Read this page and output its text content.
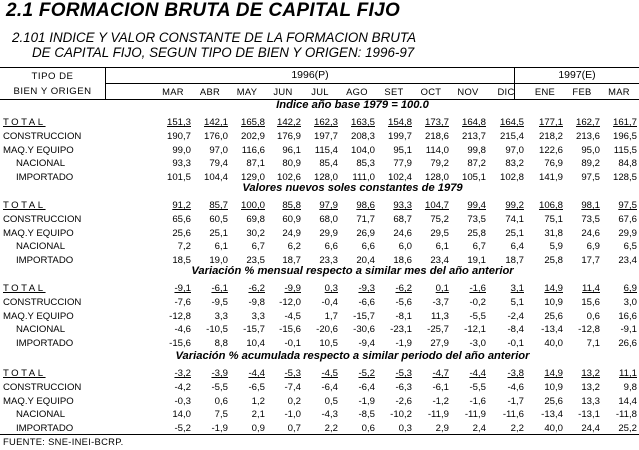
2.1 FORMACION BRUTA DE CAPITAL FIJO
2.101 INDICE Y VALOR CONSTANTE DE LA FORMACION BRUTA
DE CAPITAL FIJO, SEGUN TIPO DE BIEN Y ORIGEN: 1996-97
TIPO DE
BIEN Y ORIGEN
1996(P)	1997(E)
MAR	ABR	MAY	JUN	JUL	AGO	SET	OCT	NOV	DIC	ENE	FEB	MAR
Indice año base 1979 = 100.0
TOTAL	151,3	142,1	165,8	142,2	162,3	163,5	154,8	173,7	164,8	164,5	177,1	162,7	161,7
CONSTRUCCION	190,7	176,0	202,9	176,9	197,7	208,3	199,7	218,6	213,7	215,4	218,2	213,6	196,5
MAQ.Y EQUIPO	99,0	97,0	116,6	96,1	115,4	104,0	95,1	114,0	99,8	97,0	122,6	95,0	115,5
NACIONAL	93,3	79,4	87,1	80,9	85,4	85,3	77,9	79,2	87,2	83,2	76,9	89,2	84,8
IMPORTADO	101,5	104,4	129,0	102,6	128,0	111,0	102,4	128,0	105,1	102,8	141,9	97,5	128,5
Valores nuevos soles constantes de 1979
TOTAL	91,2	85,7	100,0	85,8	97,9	98,6	93,3	104,7	99,4	99,2	106,8	98,1	97,5
CONSTRUCCION	65,6	60,5	69,8	60,9	68,0	71,7	68,7	75,2	73,5	74,1	75,1	73,5	67,6
MAQ.Y EQUIPO	25,6	25,1	30,2	24,9	29,9	26,9	24,6	29,5	25,8	25,1	31,8	24,6	29,9
NACIONAL	7,2	6,1	6,7	6,2	6,6	6,6	6,0	6,1	6,7	6,4	5,9	6,9	6,5
IMPORTADO	18,5	19,0	23,5	18,7	23,3	20,4	18,6	23,4	19,1	18,7	25,8	17,7	23,4
Variación % mensual respecto a similar mes del año anterior
TOTAL	-9,1	-6,1	-6,2	-9,9	0,3	-9,3	-6,2	0,1	-1,6	3,1	14,9	11,4	6,9
CONSTRUCCION	-7,6	-9,5	-9,8	-12,0	-0,4	-6,6	-5,6	-3,7	-0,2	5,1	10,9	15,6	3,0
MAQ.Y EQUIPO	-12,8	3,3	3,3	-4,5	1,7	-15,7	-8,1	11,3	-5,5	-2,4	25,6	0,6	16,6
NACIONAL	-4,6	-10,5	-15,7	-15,6	-20,6	-30,6	-23,1	-25,7	-12,1	-8,4	-13,4	-12,8	-9,1
IMPORTADO	-15,6	8,8	10,4	-0,1	10,5	-9,4	-1,9	27,9	-3,0	-0,1	40,0	7,1	26,6
Variación % acumulada respecto a similar periodo del año anterior
TOTAL	-3,2	-3,9	-4,4	-5,3	-4,5	-5,2	-5,3	-4,7	-4,4	-3,8	14,9	13,2	11,1
CONSTRUCCION	-4,2	-5,5	-6,5	-7,4	-6,4	-6,4	-6,3	-6,1	-5,5	-4,6	10,9	13,2	9,8
MAQ.Y EQUIPO	-0,3	0,6	1,2	0,2	0,5	-1,9	-2,6	-1,2	-1,6	-1,7	25,6	13,3	14,4
NACIONAL	14,0	7,5	2,1	-1,0	-4,3	-8,5	-10,2	-11,9	-11,9	-11,6	-13,4	-13,1	-11,8
IMPORTADO	-5,2	-1,9	0,9	0,7	2,2	0,6	0,3	2,9	2,4	2,2	40,0	24,4	25,2
FUENTE: SNE-INEI-BCRP.
